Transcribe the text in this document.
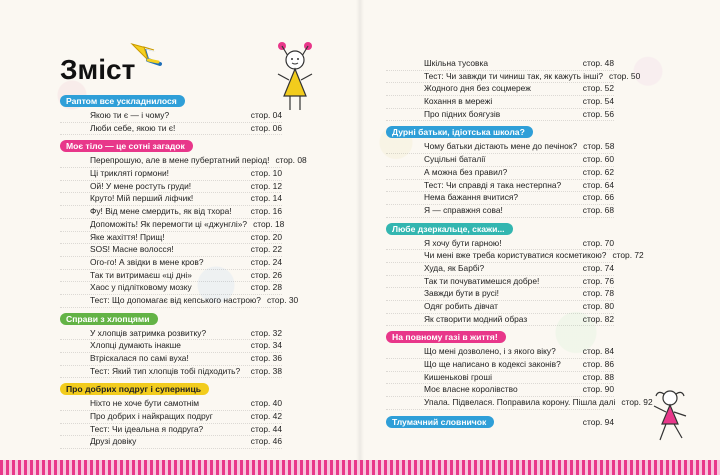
Зміст
Раптом все ускладнилося
Якою ти є — і чому?	стор. 04
Люби себе, якою ти є!	стор. 06
Моє тіло — це сотні загадок
Перепрошую, але в мене пубертатний період! стор. 08
Ці триклятi гормони!	стор. 10
Ой! У мене ростуть груди!	стор. 12
Круто! Мій перший ліфчик!	стор. 14
Фу! Від мене смердить, як від тхора! стор. 16
Допоможіть! Як перемогти ці «джунглі»? стор. 18
Яке жахіття! Прищ!	стор. 20
SOS! Масне волосся!	стор. 22
Ого-го! А звідки в мене кров?	стор. 24
Так ти витримаєш «ці дні»	стор. 26
Хаос у підлітковому мозку	стор. 28
Тест: Що допомагає від кепського настрою? стор. 30
Справи з хлопцями
У хлопців затримка розвитку?	стор. 32
Хлопці думають інакше	стор. 34
Втріскалася по самі вуха!	стор. 36
Тест: Який тип хлопців тобі підходить? стор. 38
Про добрих подруг і суперниць
Ніхто не хоче бути самотнім	стор. 40
Про добрих і найкращих подруг	стор. 42
Тест: Чи ідеальна я подруга?	стор. 44
Друзі довіку	стор. 46
Шкільна тусовка	стор. 48
Тест: Чи завжди ти чиниш так, як кажуть інші? стор. 50
Жодного дня без соцмереж	стор. 52
Кохання в мережі	стор. 54
Про підних боягузів	стор. 56
Дурні батьки, ідіотська школа?
Чому батьки дістають мене до печінок? стор. 58
Суцільні баталії	стор. 60
А можна без правил?	стор. 62
Тест: Чи справді я така нестерпна?	стор. 64
Нема бажання вчитися?	стор. 66
Я — справжня сова!	стор. 68
Любе дзеркальце, скажи...
Я хочу бути гарною!	стор. 70
Чи мені вже треба користуватися косметикою? стор. 72
Худа, як Барбі?	стор. 74
Так ти почуватимешся добре!	стор. 76
Завжди бути в русі!	стор. 78
Одяг робить дівчат	стор. 80
Як створити модний образ	стор. 82
На повному газі в життя!
Що мені дозволено, і з якого віку?	стор. 84
Що ще написано в кодексі законів?	стор. 86
Кишенькові гроші	стор. 88
Моє власне королівство	стор. 90
Упала. Підвелася. Поправила корону. Пішла далі стор. 92
Тлумачний словничок	стор. 94
